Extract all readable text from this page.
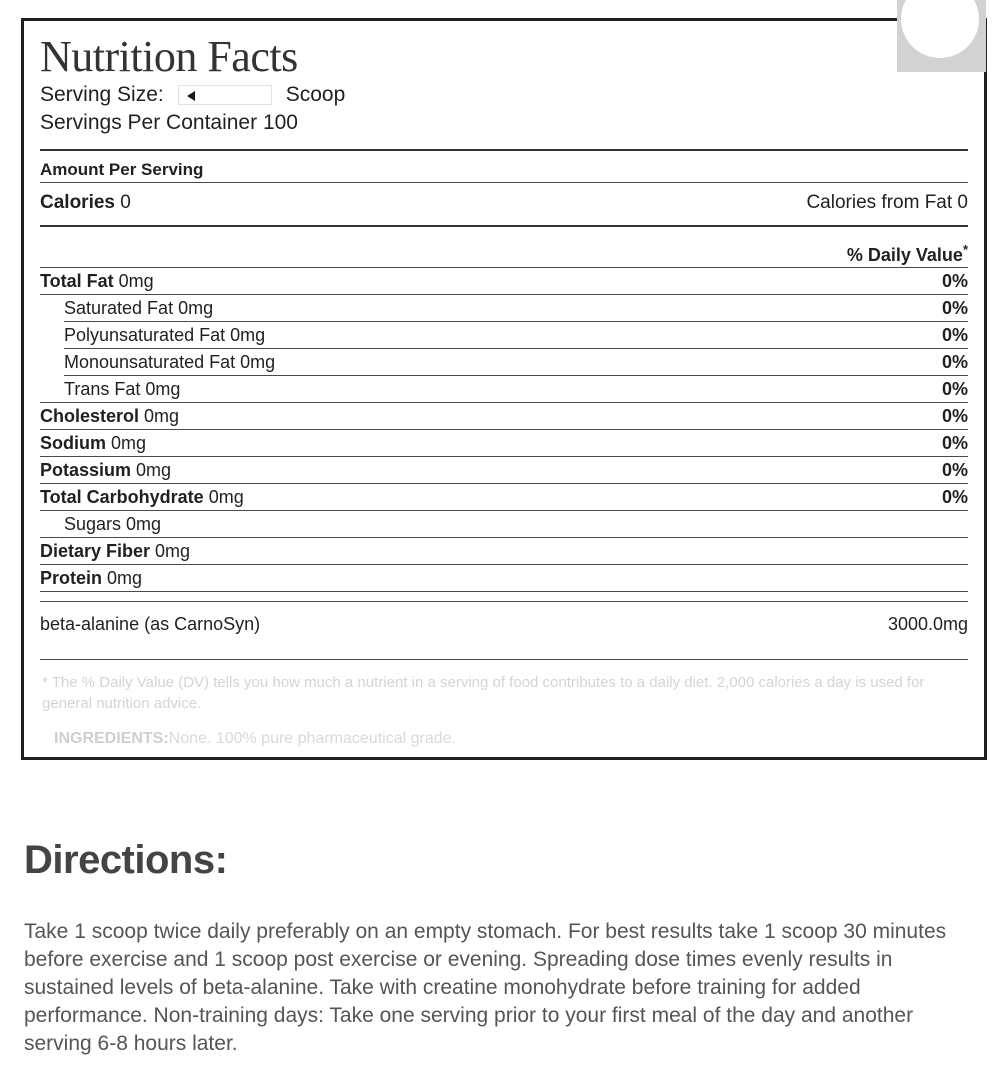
Nutrition Facts
Serving Size:	Scoop
Servings Per Container 100
Amount Per Serving
Calories 0	Calories from Fat 0
% Daily Value *
Total Fat 0mg	0%
Saturated Fat 0mg	0%
Polyunsaturated Fat 0mg	0%
Monounsaturated Fat 0mg	0%
Trans Fat 0mg	0%
Cholesterol 0mg	0%
Sodium 0mg	0%
Potassium 0mg	0%
Total Carbohydrate 0mg	0%
Sugars 0mg
Dietary Fiber 0mg
Protein 0mg
beta-alanine (as CarnoSyn)	3000.0mg
* The % Daily Value (DV) tells you how much a nutrient in a serving of food contributes to a daily diet. 2,000 calories a day is used for general nutrition advice.
INGREDIENTS:None. 100% pure pharmaceutical grade.
Directions:
Take 1 scoop twice daily preferably on an empty stomach. For best results take 1 scoop 30 minutes before exercise and 1 scoop post exercise or evening. Spreading dose times evenly results in sustained levels of beta-alanine. Take with creatine monohydrate before training for added performance. Non-training days: Take one serving prior to your first meal of the day and another serving 6-8 hours later.
